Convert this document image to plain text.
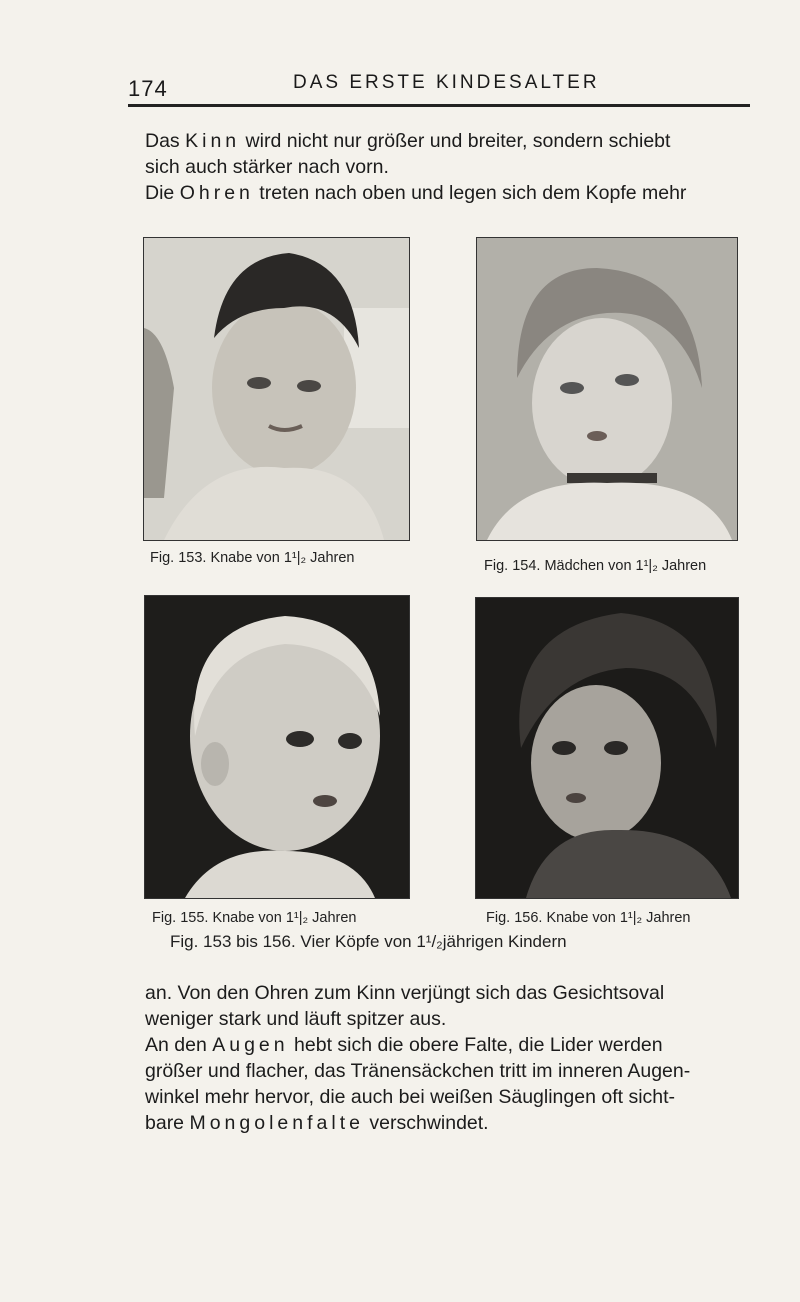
174	DAS ERSTE KINDESALTER

Das Kinn wird nicht nur größer und breiter, sondern schiebt

sich auch stärker nach vorn.

Die Ohren treten nach oben und legen sich dem Kopfe mehr

Fig. 153. Knabe von 1¹|₂ Jahren	Fig. 154. Mädchen von 1¹|₂ Jahren
Fig. 155. Knabe von 1¹|₂ Jahren	Fig. 156. Knabe von 1¹|₂ Jahren
Fig. 153 bis 156. Vier Köpfe von 1¹/₂jährigen Kindern

an. Von den Ohren zum Kinn verjüngt sich das Gesichtsoval

weniger stark und läuft spitzer aus.

An den Augen hebt sich die obere Falte, die Lider werden

größer und flacher, das Tränensäckchen tritt im inneren Augen-

winkel mehr hervor, die auch bei weißen Säuglingen oft sicht-

bare Mongolenfalte verschwindet.
